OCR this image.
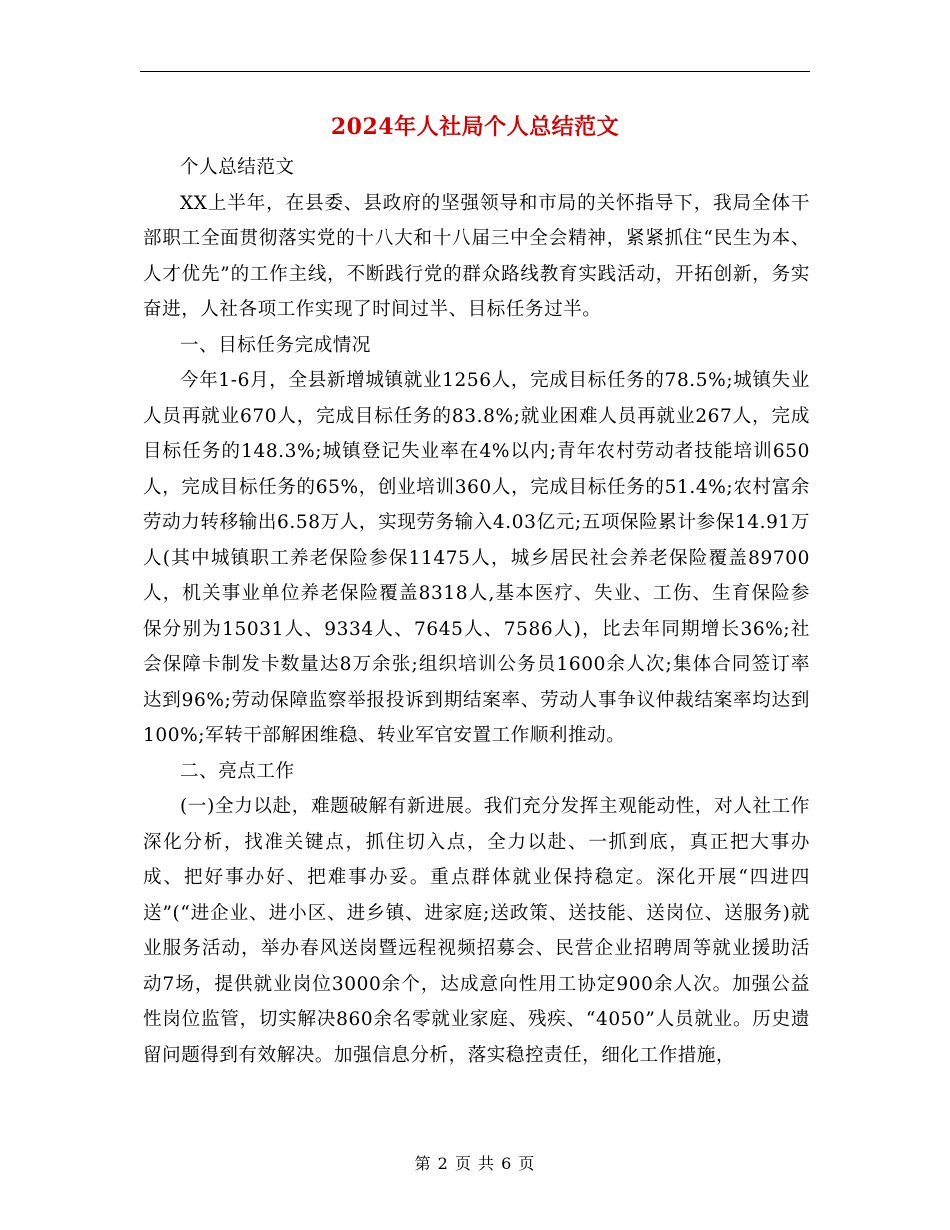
2024年人社局个人总结范文

个人总结范文

XX上半年，在县委、县政府的坚强领导和市局的关怀指导下，我局全体干部职工全面贯彻落实党的十八大和十八届三中全会精神，紧紧抓住“民生为本、人才优先”的工作主线，不断践行党的群众路线教育实践活动，开拓创新，务实奋进，人社各项工作实现了时间过半、目标任务过半。

一、目标任务完成情况

今年1-6月，全县新增城镇就业1256人，完成目标任务的78.5%;城镇失业人员再就业670人，完成目标任务的83.8%;就业困难人员再就业267人，完成目标任务的148.3%;城镇登记失业率在4%以内;青年农村劳动者技能培训650人，完成目标任务的65%，创业培训360人，完成目标任务的51.4%;农村富余劳动力转移输出6.58万人，实现劳务输入4.03亿元;五项保险累计参保14.91万人(其中城镇职工养老保险参保11475人，城乡居民社会养老保险覆盖89700人，机关事业单位养老保险覆盖8318人,基本医疗、失业、工伤、生育保险参保分别为15031人、9334人、7645人、7586人)，比去年同期增长36%;社会保障卡制发卡数量达8万余张;组织培训公务员1600余人次;集体合同签订率达到96%;劳动保障监察举报投诉到期结案率、劳动人事争议仲裁结案率均达到100%;军转干部解困维稳、转业军官安置工作顺利推动。

二、亮点工作

(一)全力以赴，难题破解有新进展。我们充分发挥主观能动性，对人社工作深化分析，找准关键点，抓住切入点，全力以赴、一抓到底，真正把大事办成、把好事办好、把难事办妥。重点群体就业保持稳定。深化开展“四进四送”(“进企业、进小区、进乡镇、进家庭;送政策、送技能、送岗位、送服务)就业服务活动，举办春风送岗暨远程视频招募会、民营企业招聘周等就业援助活动7场，提供就业岗位3000余个，达成意向性用工协定900余人次。加强公益性岗位监管，切实解决860余名零就业家庭、残疾、“4050”人员就业。历史遗留问题得到有效解决。加强信息分析，落实稳控责任，细化工作措施，

第 2 页 共 6 页
